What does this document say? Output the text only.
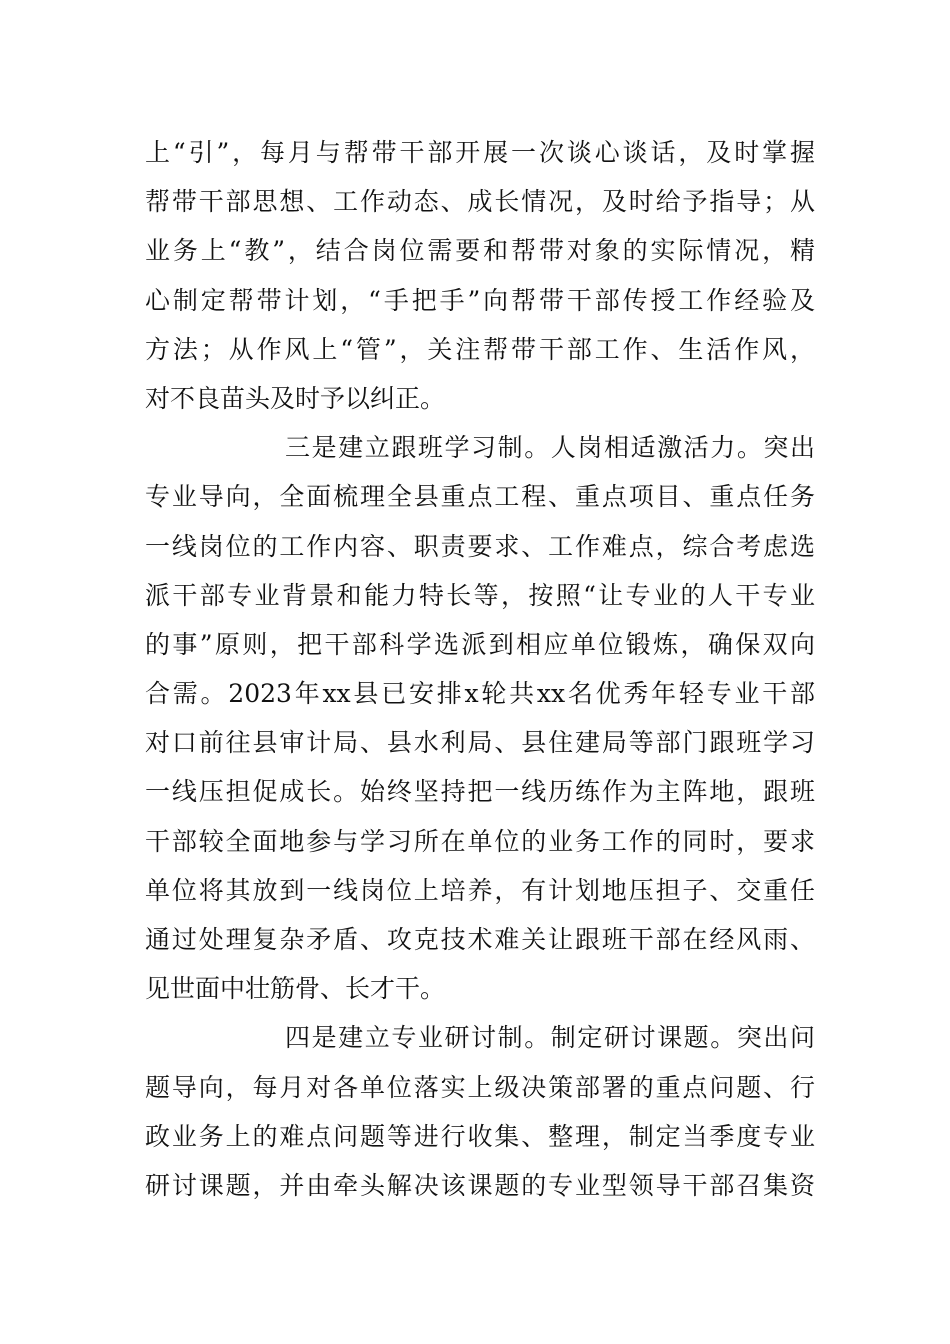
上“引”，每月与帮带干部开展一次谈心谈话，及时掌握
帮带干部思想、工作动态、成长情况，及时给予指导；从
业务上“教”，结合岗位需要和帮带对象的实际情况，精
心制定帮带计划，“手把手”向帮带干部传授工作经验及
方法；从作风上“管”，关注帮带干部工作、生活作风，
对不良苗头及时予以纠正。
三是建立跟班学习制。人岗相适激活力。突出
专业导向，全面梳理全县重点工程、重点项目、重点任务
一线岗位的工作内容、职责要求、工作难点，综合考虑选
派干部专业背景和能力特长等，按照“让专业的人干专业
的事”原则，把干部科学选派到相应单位锻炼，确保双向
合需。2023年xx县已安排x轮共xx名优秀年轻专业干部
对口前往县审计局、县水利局、县住建局等部门跟班学习
一线压担促成长。始终坚持把一线历练作为主阵地，跟班
干部较全面地参与学习所在单位的业务工作的同时，要求
单位将其放到一线岗位上培养，有计划地压担子、交重任
通过处理复杂矛盾、攻克技术难关让跟班干部在经风雨、
见世面中壮筋骨、长才干。
四是建立专业研讨制。制定研讨课题。突出问
题导向，每月对各单位落实上级决策部署的重点问题、行
政业务上的难点问题等进行收集、整理，制定当季度专业
研讨课题，并由牵头解决该课题的专业型领导干部召集资
